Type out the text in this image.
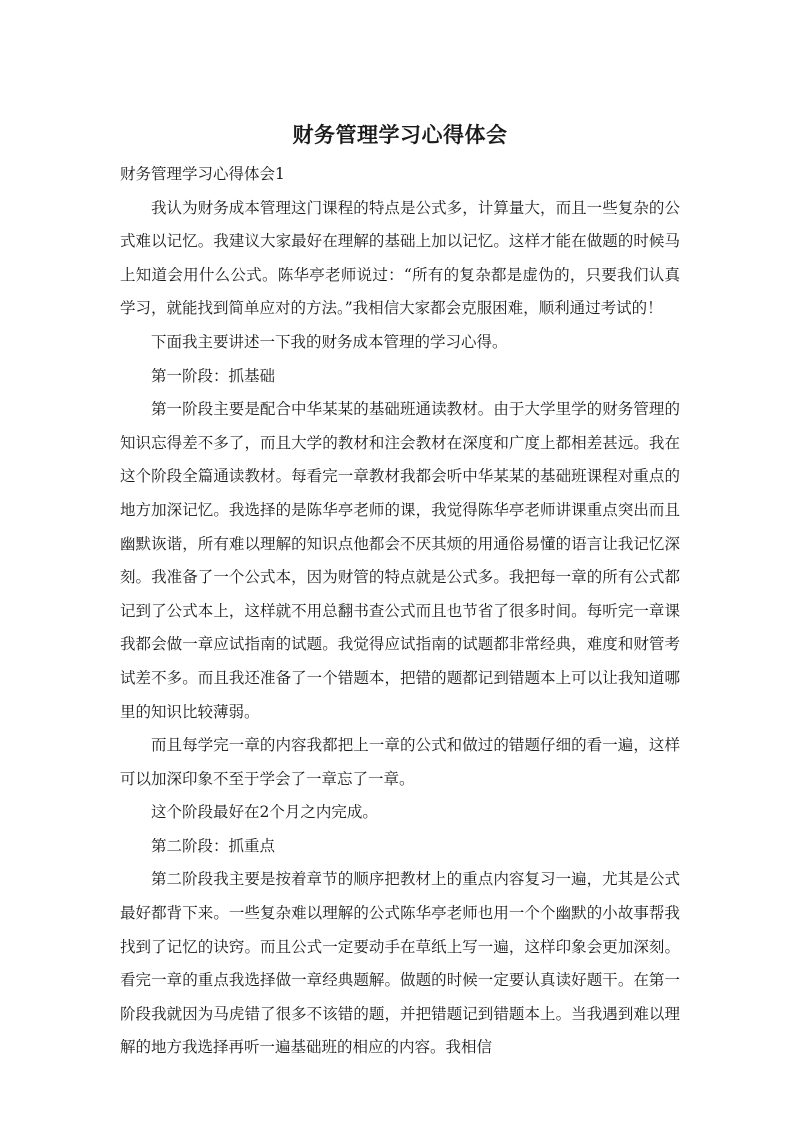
财务管理学习心得体会

财务管理学习心得体会1

我认为财务成本管理这门课程的特点是公式多，计算量大，而且一些复杂的公式难以记忆。我建议大家最好在理解的基础上加以记忆。这样才能在做题的时候马上知道会用什么公式。陈华亭老师说过：“所有的复杂都是虚伪的，只要我们认真学习，就能找到简单应对的方法。”我相信大家都会克服困难，顺利通过考试的！

下面我主要讲述一下我的财务成本管理的学习心得。

第一阶段：抓基础

第一阶段主要是配合中华某某的基础班通读教材。由于大学里学的财务管理的知识忘得差不多了，而且大学的教材和注会教材在深度和广度上都相差甚远。我在这个阶段全篇通读教材。每看完一章教材我都会听中华某某的基础班课程对重点的地方加深记忆。我选择的是陈华亭老师的课，我觉得陈华亭老师讲课重点突出而且幽默诙谐，所有难以理解的知识点他都会不厌其烦的用通俗易懂的语言让我记忆深刻。我准备了一个公式本，因为财管的特点就是公式多。我把每一章的所有公式都记到了公式本上，这样就不用总翻书查公式而且也节省了很多时间。每听完一章课我都会做一章应试指南的试题。我觉得应试指南的试题都非常经典，难度和财管考试差不多。而且我还准备了一个错题本，把错的题都记到错题本上可以让我知道哪里的知识比较薄弱。

而且每学完一章的内容我都把上一章的公式和做过的错题仔细的看一遍，这样可以加深印象不至于学会了一章忘了一章。

这个阶段最好在2个月之内完成。

第二阶段：抓重点

第二阶段我主要是按着章节的顺序把教材上的重点内容复习一遍，尤其是公式最好都背下来。一些复杂难以理解的公式陈华亭老师也用一个个幽默的小故事帮我找到了记忆的诀窍。而且公式一定要动手在草纸上写一遍，这样印象会更加深刻。看完一章的重点我选择做一章经典题解。做题的时候一定要认真读好题干。在第一阶段我就因为马虎错了很多不该错的题，并把错题记到错题本上。当我遇到难以理解的地方我选择再听一遍基础班的相应的内容。我相信
